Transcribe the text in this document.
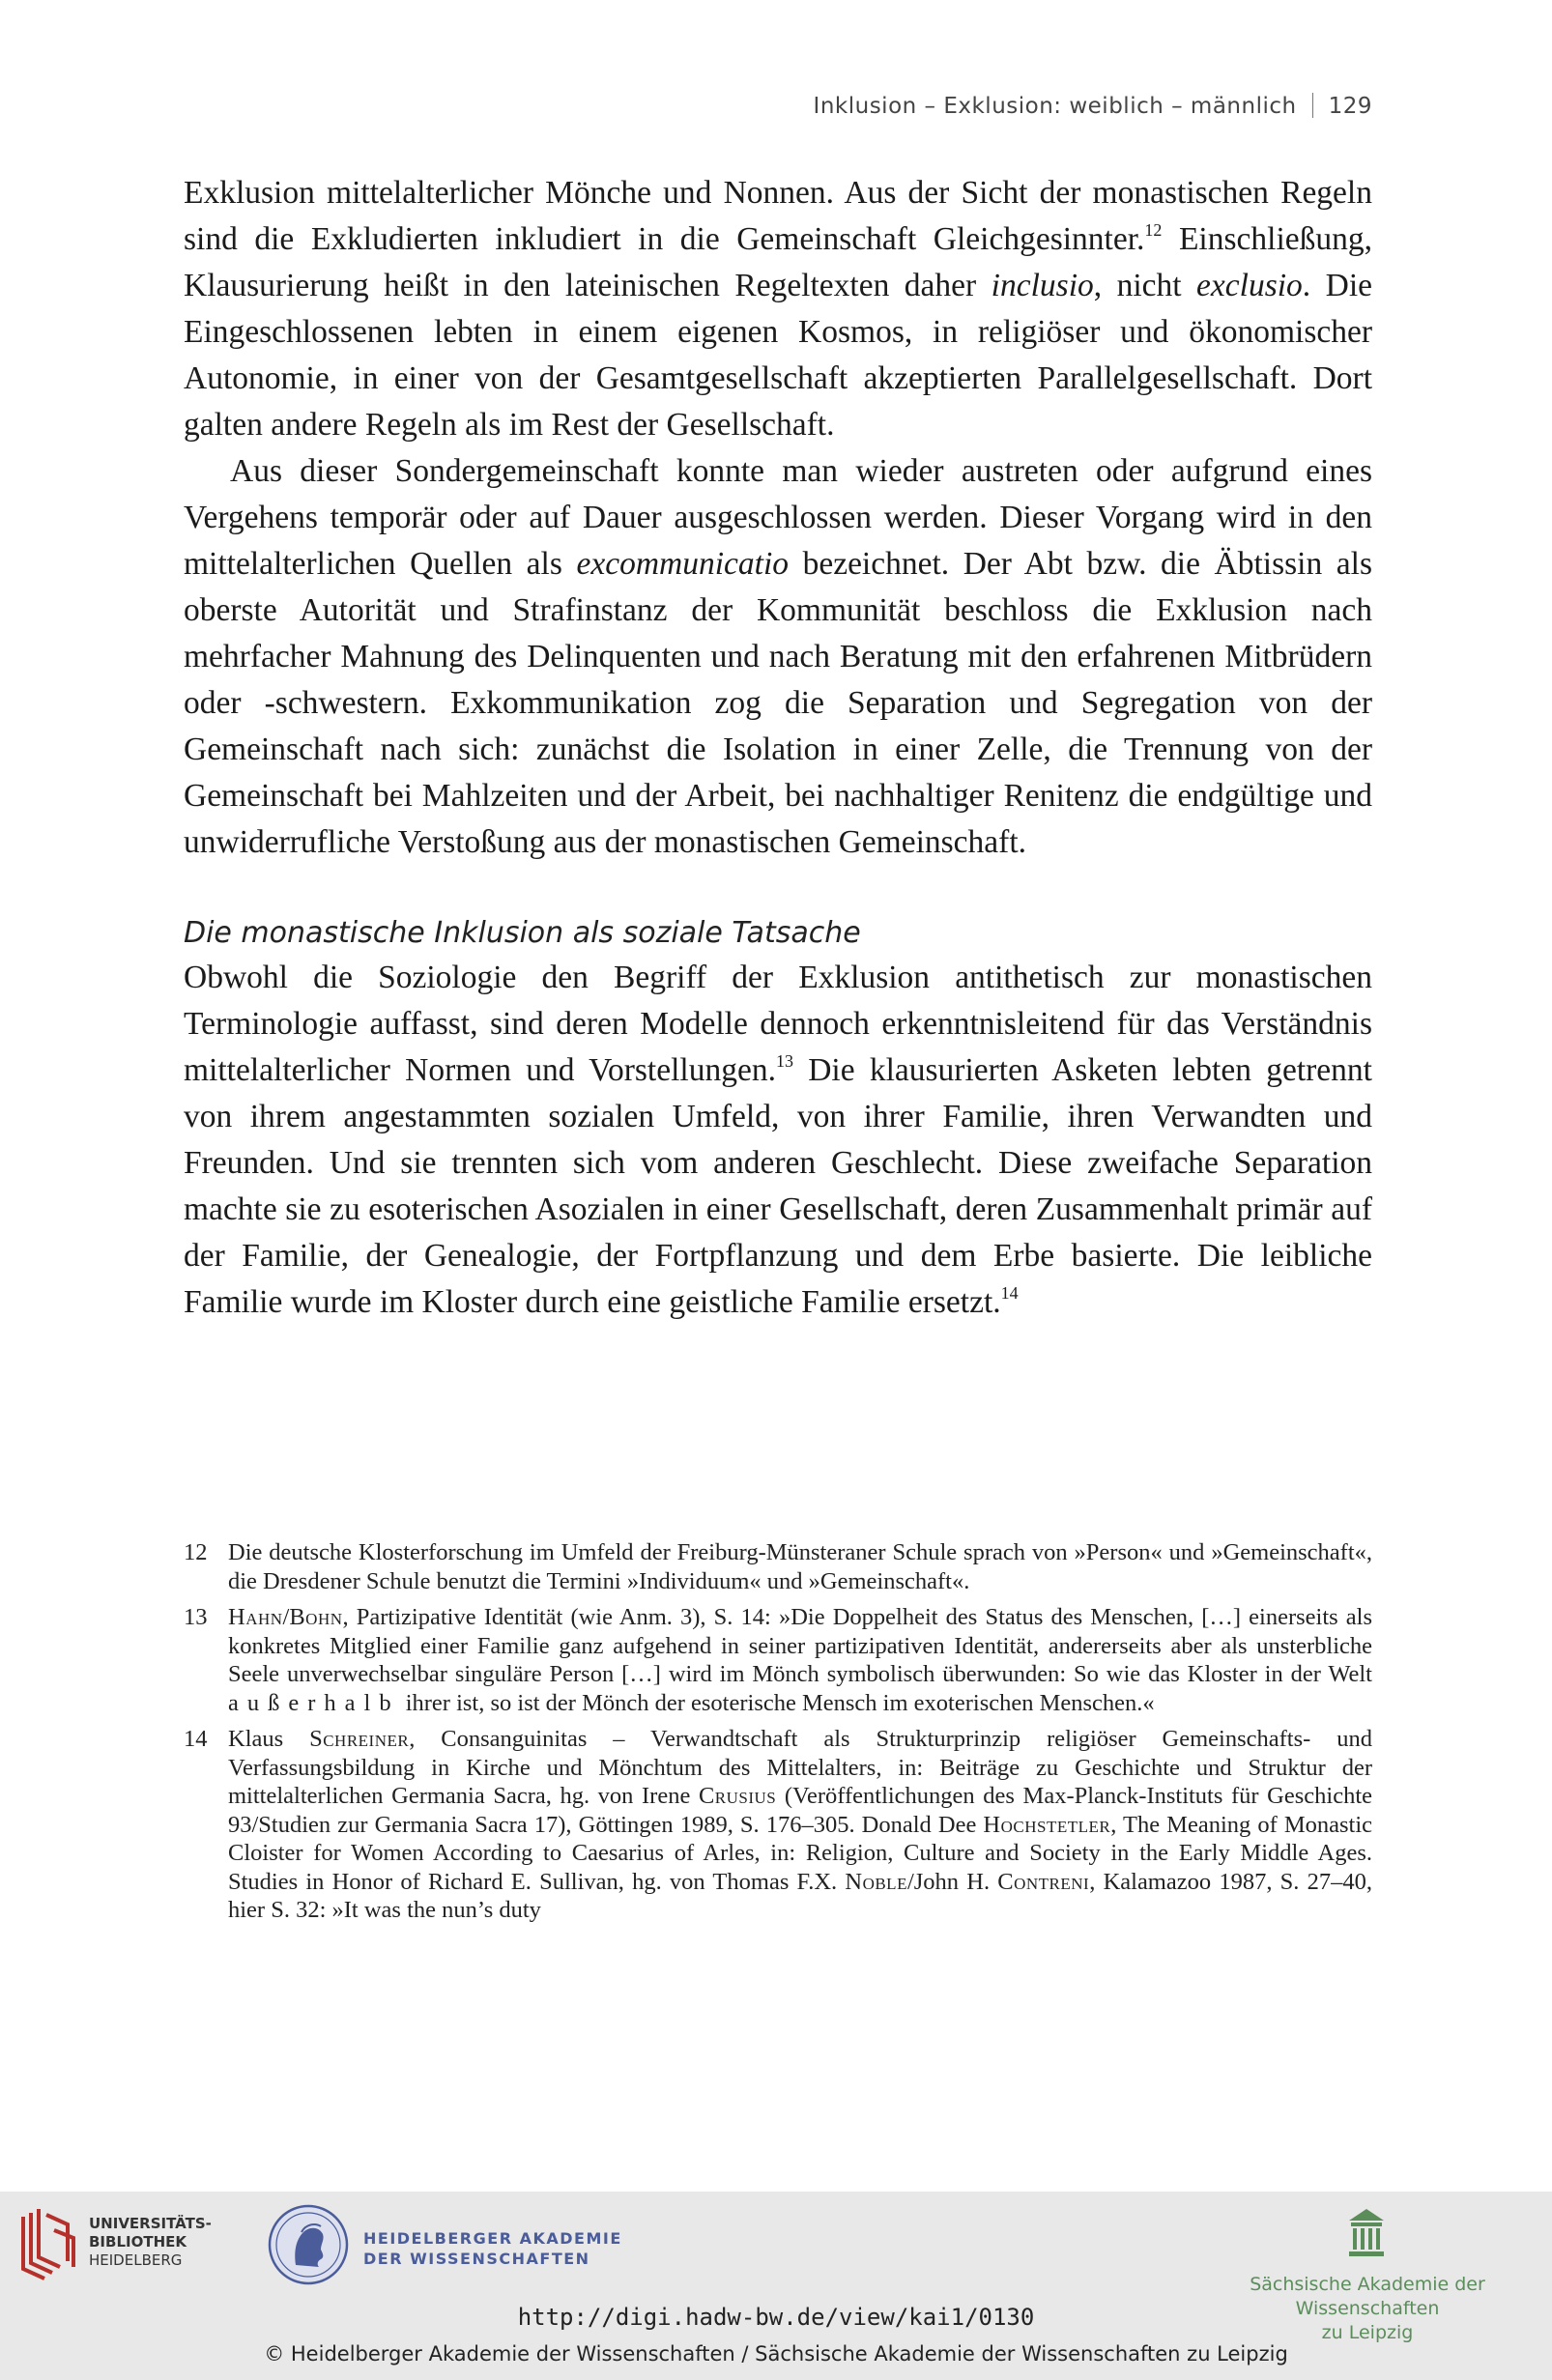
Inklusion – Exklusion: weiblich – männlich 129

Exklusion mittelalterlicher Mönche und Nonnen. Aus der Sicht der monastischen Regeln sind die Exkludierten inkludiert in die Gemeinschaft Gleichgesinnter.$^{12}$ Einschließung, Klausurierung heißt in den lateinischen Regeltexten daher inclusio, nicht exclusio. Die Eingeschlossenen lebten in einem eigenen Kosmos, in religiöser und ökonomischer Autonomie, in einer von der Gesamtgesellschaft akzeptierten Parallelgesellschaft. Dort galten andere Regeln als im Rest der Gesellschaft.

Aus dieser Sondergemeinschaft konnte man wieder austreten oder aufgrund eines Vergehens temporär oder auf Dauer ausgeschlossen werden. Dieser Vorgang wird in den mittelalterlichen Quellen als excommunicatio bezeichnet. Der Abt bzw. die Äbtissin als oberste Autorität und Strafinstanz der Kommunität beschloss die Exklusion nach mehrfacher Mahnung des Delinquenten und nach Beratung mit den erfahrenen Mitbrüdern oder -schwestern. Exkommunikation zog die Separation und Segregation von der Gemeinschaft nach sich: zunächst die Isolation in einer Zelle, die Trennung von der Gemeinschaft bei Mahlzeiten und der Arbeit, bei nachhaltiger Renitenz die endgültige und unwiderrufliche Verstoßung aus der monastischen Gemeinschaft.

Die monastische Inklusion als soziale Tatsache

Obwohl die Soziologie den Begriff der Exklusion antithetisch zur monastischen Terminologie auffasst, sind deren Modelle dennoch erkenntnisleitend für das Verständnis mittelalterlicher Normen und Vorstellungen.$^{13}$ Die klausurierten Asketen lebten getrennt von ihrem angestammten sozialen Umfeld, von ihrer Familie, ihren Verwandten und Freunden. Und sie trennten sich vom anderen Geschlecht. Diese zweifache Separation machte sie zu esoterischen Asozialen in einer Gesellschaft, deren Zusammenhalt primär auf der Familie, der Genealogie, der Fortpflanzung und dem Erbe basierte. Die leibliche Familie wurde im Kloster durch eine geistliche Familie ersetzt.$^{14}$

12 Die deutsche Klosterforschung im Umfeld der Freiburg-Münsteraner Schule sprach von »Person« und »Gemeinschaft«, die Dresdener Schule benutzt die Termini »Individuum« und »Gemeinschaft«.
13 Hahn/Bohn, Partizipative Identität (wie Anm. 3), S. 14: »Die Doppelheit des Status des Menschen, […] einerseits als konkretes Mitglied einer Familie ganz aufgehend in seiner partizipativen Identität, andererseits aber als unsterbliche Seele unverwechselbar singuläre Person […] wird im Mönch symbolisch überwunden: So wie das Kloster in der Welt außerhalb ihrer ist, so ist der Mönch der esoterische Mensch im exoterischen Menschen.«
14 Klaus Schreiner, Consanguinitas – Verwandtschaft als Strukturprinzip religiöser Gemeinschafts- und Verfassungsbildung in Kirche und Mönchtum des Mittelalters, in: Beiträge zu Geschichte und Struktur der mittelalterlichen Germania Sacra, hg. von Irene Crusius (Veröffentlichungen des Max-Planck-Instituts für Geschichte 93/Studien zur Germania Sacra 17), Göttingen 1989, S. 176–305. Donald Dee Hochstetler, The Meaning of Monastic Cloister for Women According to Caesarius of Arles, in: Religion, Culture and Society in the Early Middle Ages. Studies in Honor of Richard E. Sullivan, hg. von Thomas F.X. Noble/John H. Contreni, Kalamazoo 1987, S. 27–40, hier S. 32: »It was the nun’s duty
UNIVERSITÄTS-
BIBLIOTHEK
HEIDELBERG
HEIDELBERGER AKADEMIE
DER WISSENSCHAFTEN
Sächsische Akademie der Wissenschaften
zu Leipzig
http://digi.hadw-bw.de/view/kai1/0130
© Heidelberger Akademie der Wissenschaften / Sächsische Akademie der Wissenschaften zu Leipzig
